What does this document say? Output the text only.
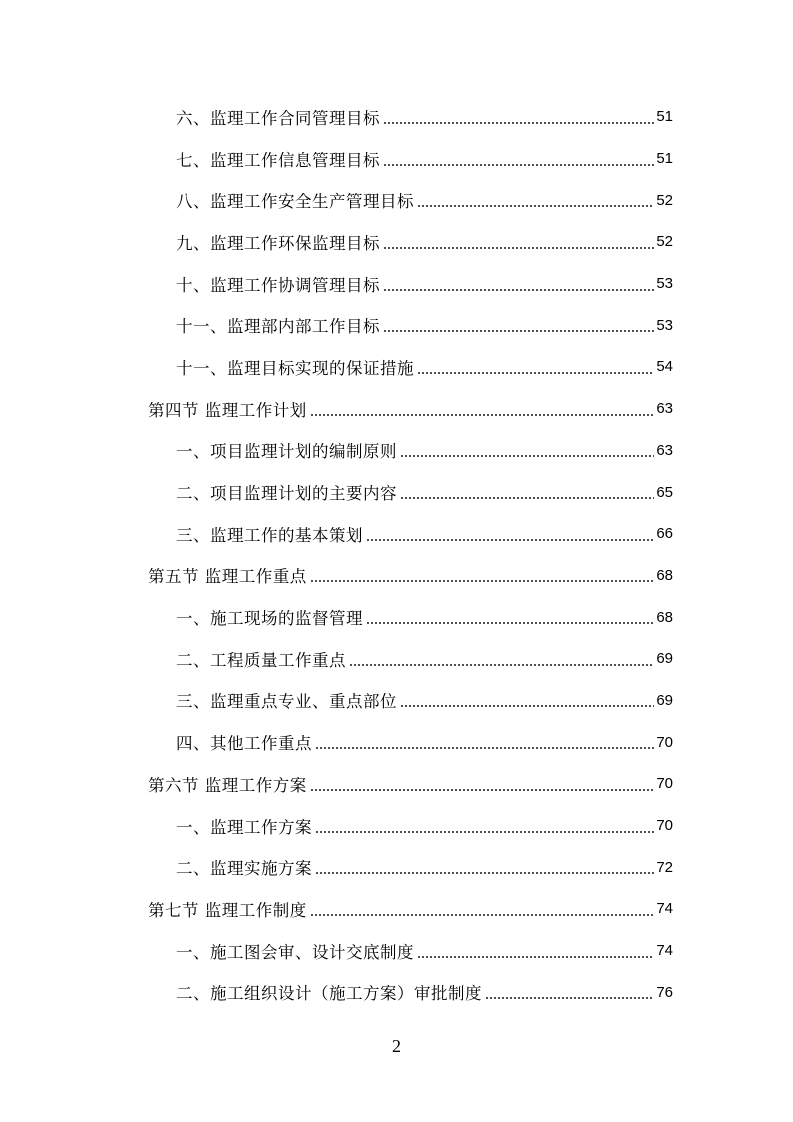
六、监理工作合同管理目标	51
七、监理工作信息管理目标	51
八、监理工作安全生产管理目标	52
九、监理工作环保监理目标	52
十、监理工作协调管理目标	53
十一、监理部内部工作目标	53
十一、监理目标实现的保证措施	54
第四节 监理工作计划	63
一、项目监理计划的编制原则	63
二、项目监理计划的主要内容	65
三、监理工作的基本策划	66
第五节 监理工作重点	68
一、施工现场的监督管理	68
二、工程质量工作重点	69
三、监理重点专业、重点部位	69
四、其他工作重点	70
第六节 监理工作方案	70
一、监理工作方案	70
二、监理实施方案	72
第七节 监理工作制度	74
一、施工图会审、设计交底制度	74
二、施工组织设计（施工方案）审批制度	76
2
